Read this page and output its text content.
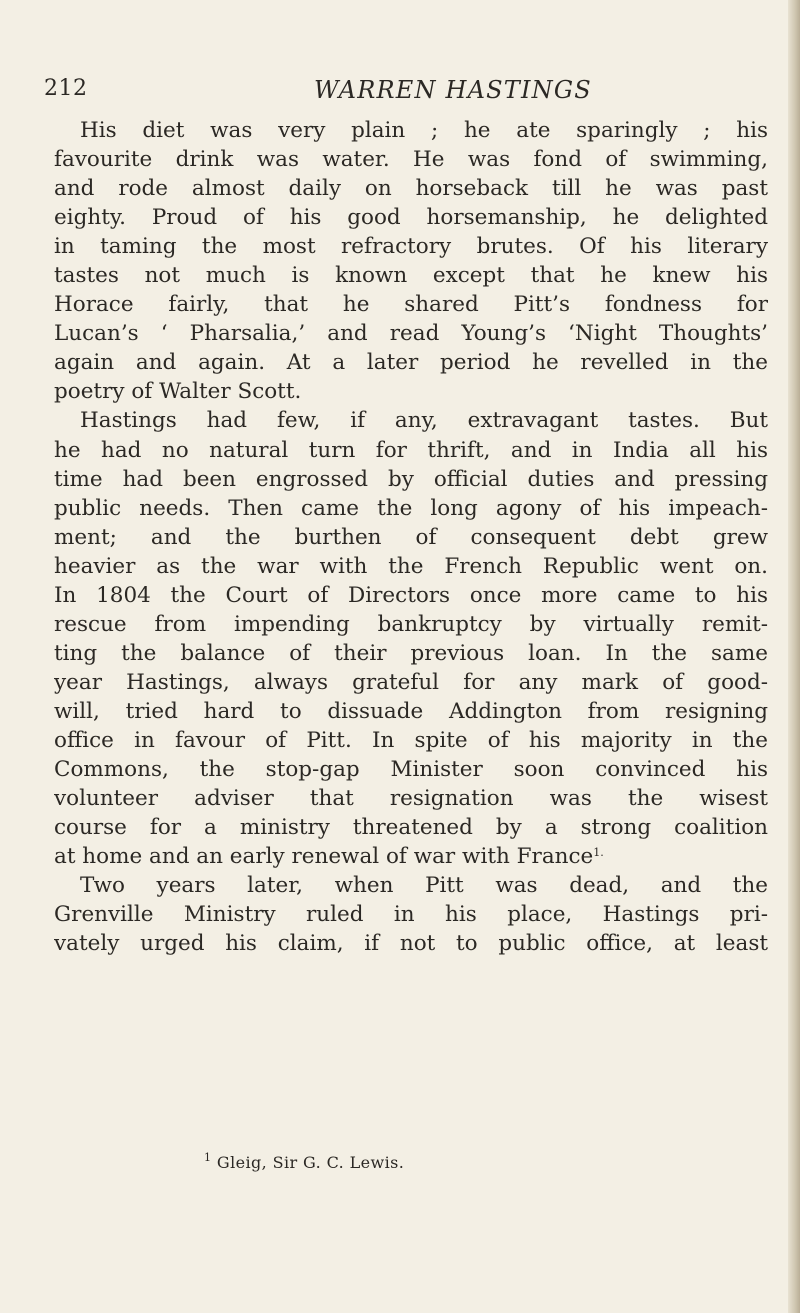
212	WARREN HASTINGS
His diet was very plain ; he ate sparingly ; his
favourite drink was water. He was fond of swimming,
and rode almost daily on horseback till he was past
eighty. Proud of his good horsemanship, he delighted
in taming the most refractory brutes. Of his literary
tastes not much is known except that he knew his
Horace fairly, that he shared Pitt’s fondness for
Lucan’s ‘ Pharsalia,’ and read Young’s ‘Night Thoughts’
again and again. At a later period he revelled in the
poetry of Walter Scott.
Hastings had few, if any, extravagant tastes. But
he had no natural turn for thrift, and in India all his
time had been engrossed by official duties and pressing
public needs. Then came the long agony of his impeach-
ment; and the burthen of consequent debt grew
heavier as the war with the French Republic went on.
In 1804 the Court of Directors once more came to his
rescue from impending bankruptcy by virtually remit-
ting the balance of their previous loan. In the same
year Hastings, always grateful for any mark of good-
will, tried hard to dissuade Addington from resigning
office in favour of Pitt. In spite of his majority in the
Commons, the stop-gap Minister soon convinced his
volunteer adviser that resignation was the wisest
course for a ministry threatened by a strong coalition
at home and an early renewal of war with France$^{1.}$
Two years later, when Pitt was dead, and the
Grenville Ministry ruled in his place, Hastings pri-
vately urged his claim, if not to public office, at least
$^1$ Gleig, Sir G. C. Lewis.
